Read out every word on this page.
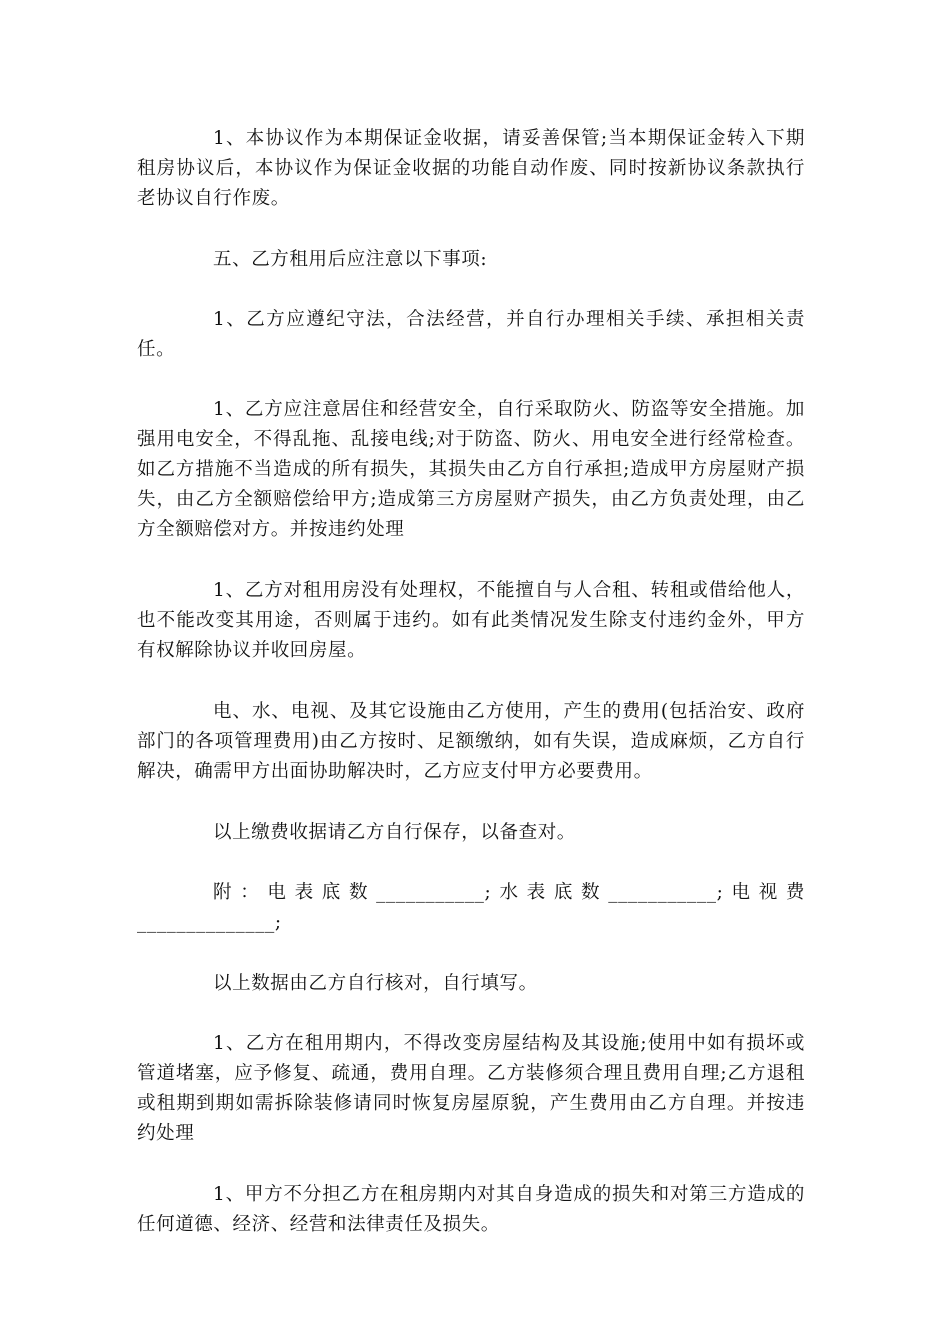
1、本协议作为本期保证金收据，请妥善保管;当本期保证金转入下期租房协议后，本协议作为保证金收据的功能自动作废、同时按新协议条款执行老协议自行作废。

五、乙方租用后应注意以下事项:

1、乙方应遵纪守法，合法经营，并自行办理相关手续、承担相关责任。

1、乙方应注意居住和经营安全，自行采取防火、防盗等安全措施。加强用电安全，不得乱拖、乱接电线;对于防盗、防火、用电安全进行经常检查。如乙方措施不当造成的所有损失，其损失由乙方自行承担;造成甲方房屋财产损失，由乙方全额赔偿给甲方;造成第三方房屋财产损失，由乙方负责处理，由乙方全额赔偿对方。并按违约处理

1、乙方对租用房没有处理权，不能擅自与人合租、转租或借给他人，也不能改变其用途，否则属于违约。如有此类情况发生除支付违约金外，甲方有权解除协议并收回房屋。

电、水、电视、及其它设施由乙方使用，产生的费用(包括治安、政府部门的各项管理费用)由乙方按时、足额缴纳，如有失误，造成麻烦，乙方自行解决，确需甲方出面协助解决时，乙方应支付甲方必要费用。

以上缴费收据请乙方自行保存，以备查对。

附：电表底数___________;水表底数___________;电视费______________;

以上数据由乙方自行核对，自行填写。

1、乙方在租用期内，不得改变房屋结构及其设施;使用中如有损坏或管道堵塞，应予修复、疏通，费用自理。乙方装修须合理且费用自理;乙方退租或租期到期如需拆除装修请同时恢复房屋原貌，产生费用由乙方自理。并按违约处理

1、甲方不分担乙方在租房期内对其自身造成的损失和对第三方造成的任何道德、经济、经营和法律责任及损失。
